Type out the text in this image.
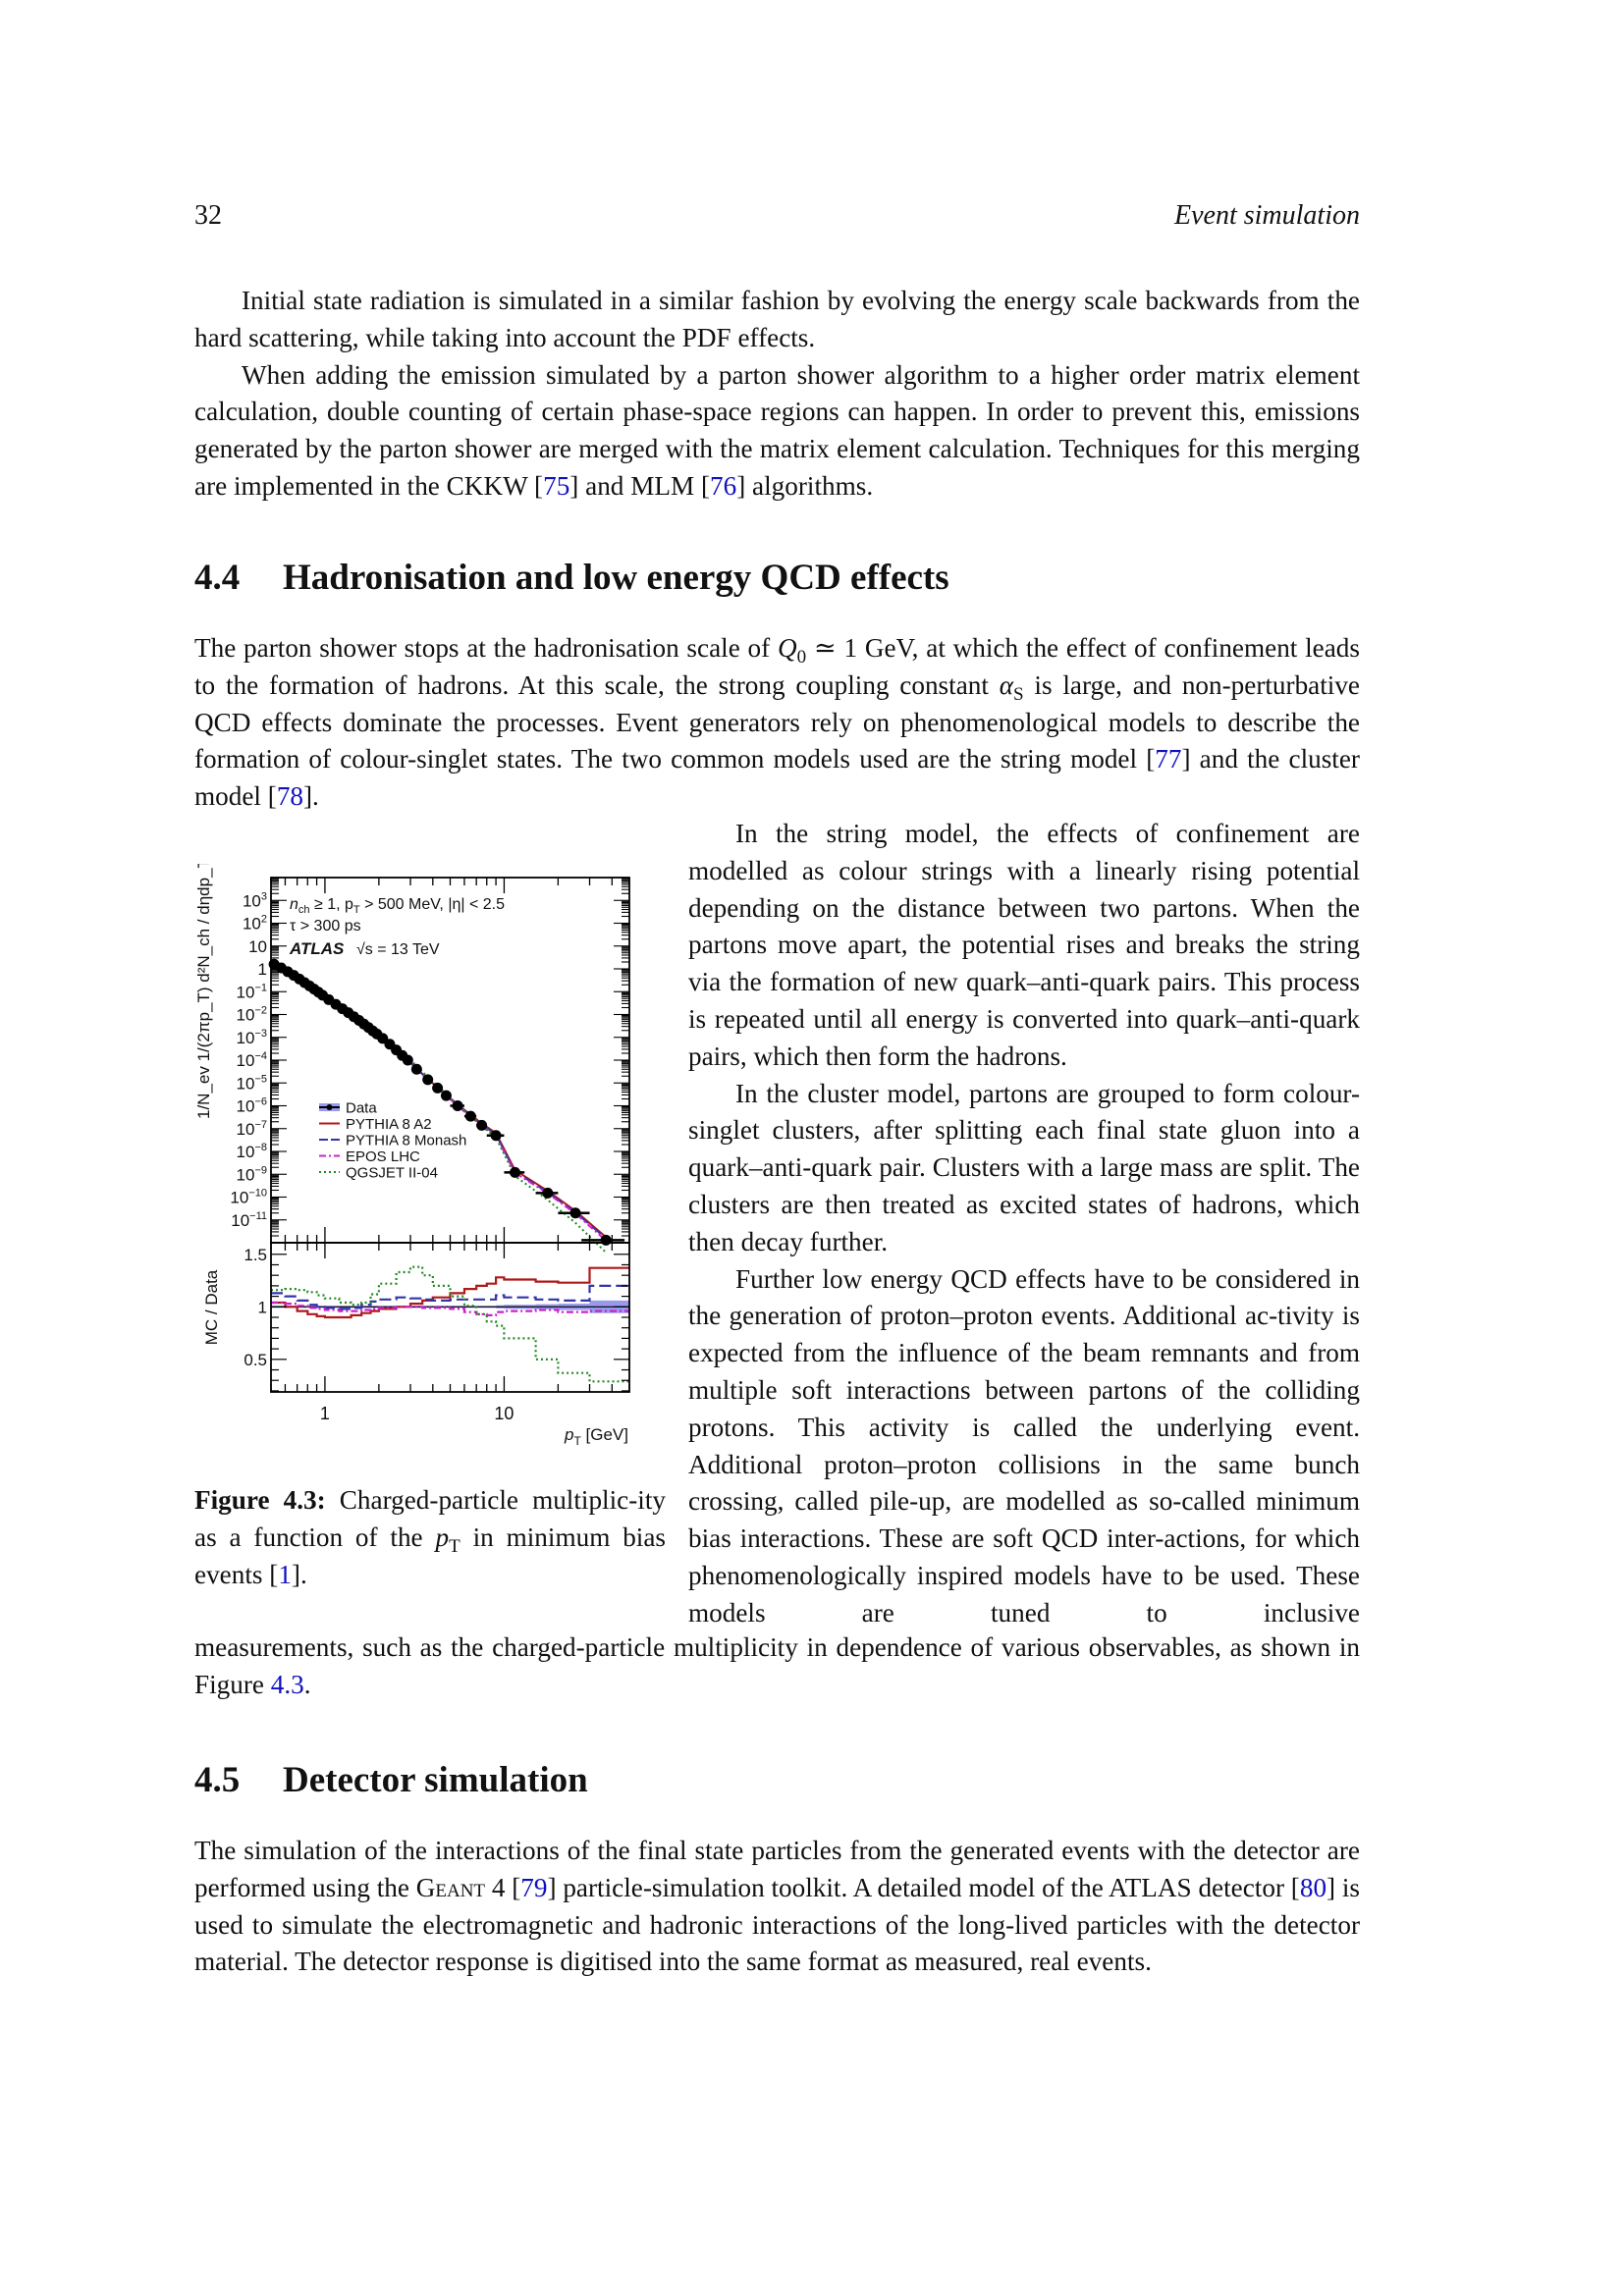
32	Event simulation

Initial state radiation is simulated in a similar fashion by evolving the energy scale backwards from the hard scattering, while taking into account the PDF effects.

When adding the emission simulated by a parton shower algorithm to a higher order matrix element calculation, double counting of certain phase-space regions can happen. In order to prevent this, emissions generated by the parton shower are merged with the matrix element calculation. Techniques for this merging are implemented in the CKKW [75] and MLM [76] algorithms.

4.4 Hadronisation and low energy QCD effects

The parton shower stops at the hadronisation scale of $Q_0$ ≃ 1 GeV, at which the effect of confinement leads to the formation of hadrons. At this scale, the strong coupling constant $\alpha_S$ is large, and non-perturbative QCD effects dominate the processes. Event generators rely on phenomenological models to describe the formation of colour-singlet states. The two common models used are the string model [77] and the cluster model [78].

In the string model, the effects of confinement are modelled as colour strings with a linearly rising potential depending on the distance between two partons. When the partons move apart, the potential rises and breaks the string via the formation of new quark–anti-quark pairs. This process is repeated until all energy is converted into quark–anti-quark pairs, which then form the hadrons.

In the cluster model, partons are grouped to form colour-singlet clusters, after splitting each final state gluon into a quark–anti-quark pair. Clusters with a large mass are split. The clusters are then treated as excited states of hadrons, which then decay further.

Further low energy QCD effects have to be considered in the generation of proton–proton events. Additional ac-tivity is expected from the influence of the beam remnants and from multiple soft interactions between partons of the colliding protons. This activity is called the underlying event. Additional proton–proton collisions in the same bunch crossing, called pile-up, are modelled as so-called minimum bias interactions. These are soft QCD inter-actions, for which phenomenologically inspired models have to be used. These models are tuned to inclusive

measurements, such as the charged-particle multiplicity in dependence of various observables, as shown in Figure 4.3.

1	10
$10^3$
$10^2$
10
1
$10^{-1}$
$10^{-2}$
$10^{-3}$
$10^{-4}$
$10^{-5}$
$10^{-6}$
$10^{-7}$
$10^{-8}$
$10^{-9}$
$10^{-10}$
$10^{-11}$
0.5
1
1.5
$n_{ch} \ge 1$, $p_T > 500$ MeV, |η| < 2.5
τ > 300 ps
ATLAS √s = 13 TeV
Data
PYTHIA 8 A2
PYTHIA 8 Monash
EPOS LHC
QGSJET II-04
1/N_ev 1/(2πp_T) d²N_ch / dηdp_T [ GeV⁻² ]
MC / Data
$p_T$ [GeV]
Figure 4.3: Charged-particle multiplic-ity as a function of the $p_T$ in minimum bias events [1].
4.5 Detector simulation

The simulation of the interactions of the final state particles from the generated events with the detector are performed using the Geant 4 [79] particle-simulation toolkit. A detailed model of the ATLAS detector [80] is used to simulate the electromagnetic and hadronic interactions of the long-lived particles with the detector material. The detector response is digitised into the same format as measured, real events.
